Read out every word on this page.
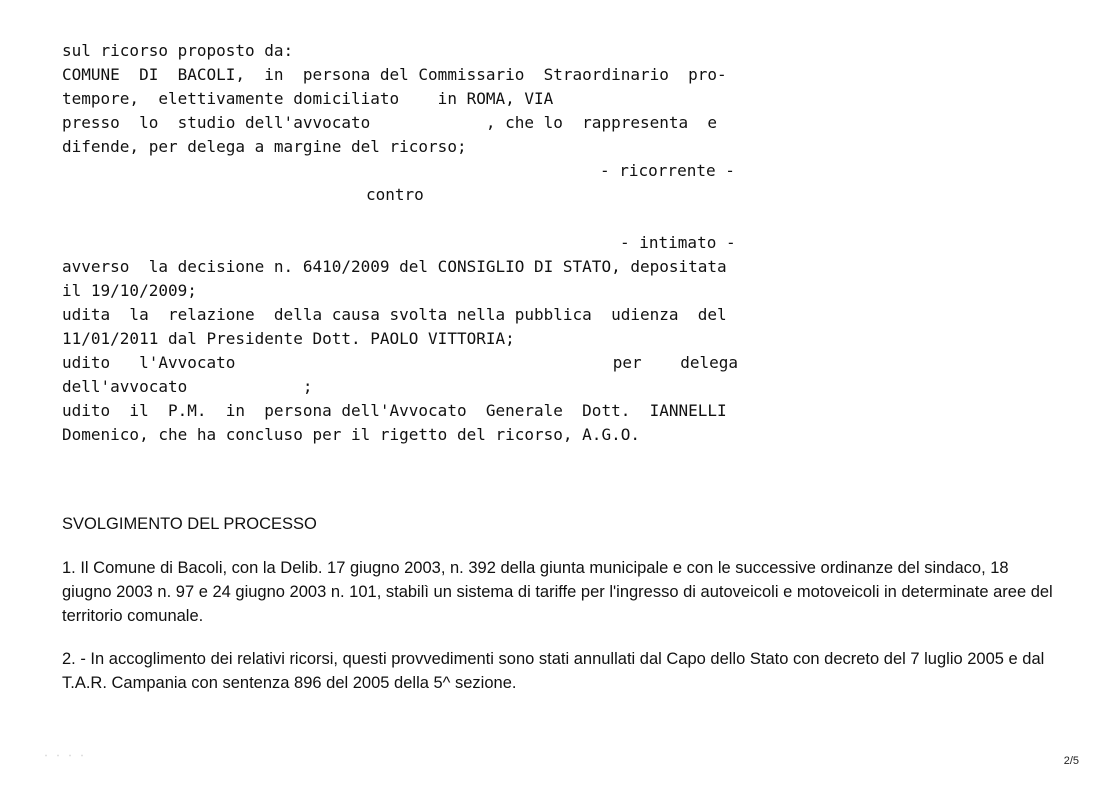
sul ricorso proposto da:

COMUNE  DI  BACOLI,  in  persona del Commissario  Straordinario  pro-

tempore,  elettivamente domiciliato    in ROMA, VIA

presso  lo  studio dell'avvocato            , che lo  rappresenta  e

difende, per delega a margine del ricorso;

- ricorrente -

contro

- intimato -

avverso  la decisione n. 6410/2009 del CONSIGLIO DI STATO, depositata

il 19/10/2009;

udita  la  relazione  della causa svolta nella pubblica  udienza  del

11/01/2011 dal Presidente Dott. PAOLO VITTORIA;

udito   l'Avvocato	per    delega

dell'avvocato            ;

udito  il  P.M.  in  persona dell'Avvocato  Generale  Dott.  IANNELLI

Domenico, che ha concluso per il rigetto del ricorso, A.G.O.

SVOLGIMENTO DEL PROCESSO

1. Il Comune di Bacoli, con la Delib. 17 giugno 2003, n. 392 della giunta municipale e con le successive ordinanze del sindaco, 18 giugno 2003 n. 97 e 24 giugno 2003 n. 101, stabilì un sistema di tariffe per l'ingresso di autoveicoli e motoveicoli in determinate aree del territorio comunale.

2. - In accoglimento dei relativi ricorsi, questi provvedimenti sono stati annullati dal Capo dello Stato con decreto del 7 luglio 2005 e dal T.A.R. Campania con sentenza 896 del 2005 della 5^ sezione.

2/5
